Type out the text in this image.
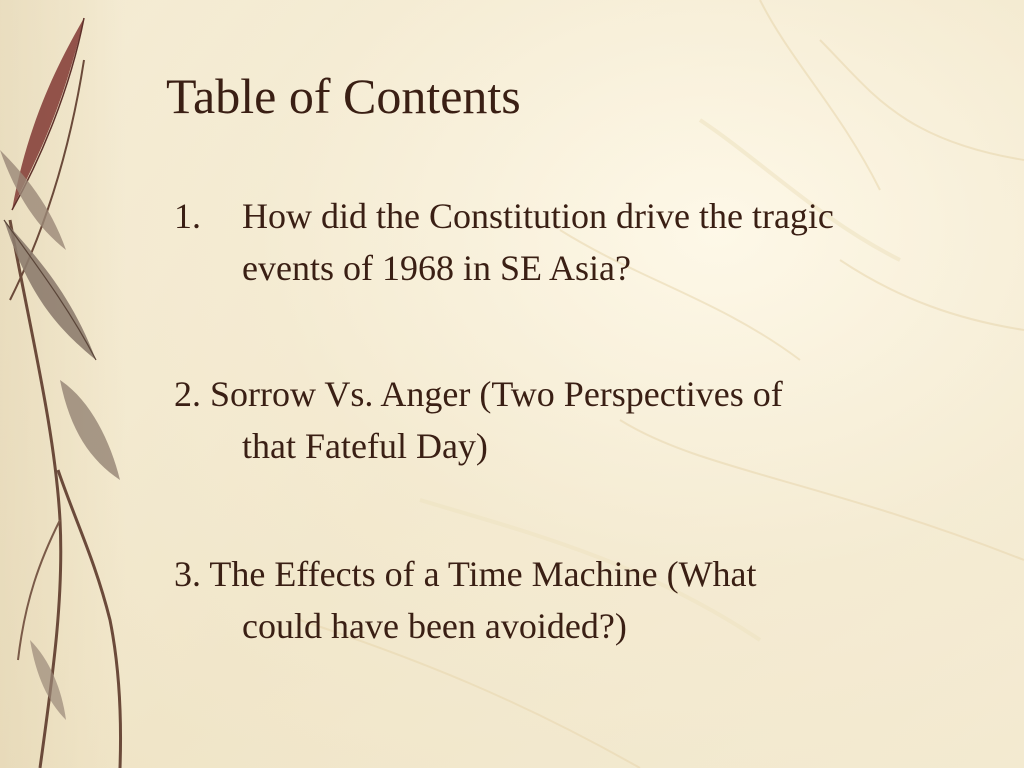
Table of Contents
1. How did the Constitution drive the tragic events of 1968 in SE Asia?
2. Sorrow Vs. Anger (Two Perspectives of
that Fateful Day)
3. The Effects of a Time Machine (What
could have been avoided?)
